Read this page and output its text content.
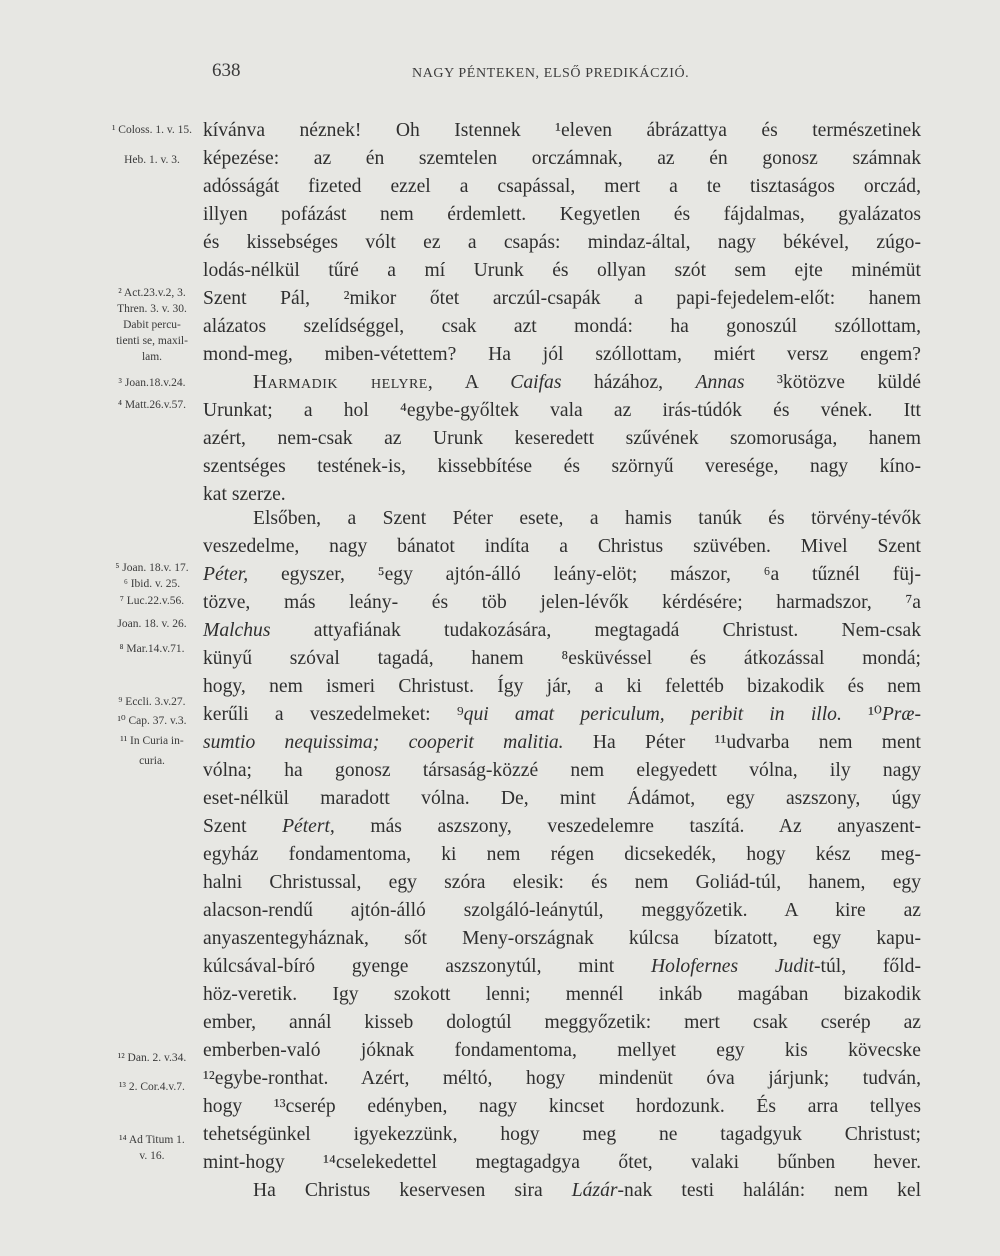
638	NAGY PÉNTEKEN, ELSŐ PREDIKÁCZIÓ.
¹ Coloss. 1. v. 15.
Heb. 1. v. 3.
² Act.23.v.2, 3.
Thren. 3. v. 30.
Dabit percu-
tienti se, maxil-
lam.
³ Joan.18.v.24.
⁴ Matt.26.v.57.
⁵ Joan. 18.v. 17.
⁶ Ibid. v. 25.
⁷ Luc.22.v.56.
Joan. 18. v. 26.
⁸ Mar.14.v.71.
⁹ Eccli. 3.v.27.
¹⁰ Cap. 37. v.3.
¹¹ In Curia in-
curia.
¹² Dan. 2. v.34.
¹³ 2. Cor.4.v.7.
¹⁴ Ad Titum 1.
v. 16.
kívánva néznek! Oh Istennek ¹eleven ábrázattya és természetinek
képezése: az én szemtelen orczámnak, az én gonosz számnak
adósságát fizeted ezzel a csapással, mert a te tisztaságos orczád,
illyen pofázást nem érdemlett. Kegyetlen és fájdalmas, gyalázatos
és kissebséges vólt ez a csapás: mindaz-által, nagy békével, zúgo-
lodás-nélkül tűré a mí Urunk és ollyan szót sem ejte minémüt
Szent Pál, ²mikor őtet arczúl-csapák a papi-fejedelem-előt: hanem
alázatos szelídséggel, csak azt mondá: ha gonoszúl szóllottam,
mond-meg, miben-vétettem? Ha jól szóllottam, miért versz engem?
Harmadik helyre, A Caifas házához, Annas ³kötözve küldé
Urunkat; a hol ⁴egybe-győltek vala az irás-túdók és vének. Itt
azért, nem-csak az Urunk keseredett szűvének szomorusága, hanem
szentséges testének-is, kissebbítése és szörnyű veresége, nagy kíno-
kat szerze.
Elsőben, a Szent Péter esete, a hamis tanúk és törvény-tévők
veszedelme, nagy bánatot indíta a Christus szüvében. Mivel Szent
Péter, egyszer, ⁵egy ajtón-álló leány-elöt; mászor, ⁶a tűznél füj-
tözve, más leány- és töb jelen-lévők kérdésére; harmadszor, ⁷a
Malchus attyafiának tudakozására, megtagadá Christust. Nem-csak
künyű szóval tagadá, hanem ⁸esküvéssel és átkozással mondá;
hogy, nem ismeri Christust. Így jár, a ki felettéb bizakodik és nem
kerűli a veszedelmeket: ⁹qui amat periculum, peribit in illo. ¹⁰Præ-
sumtio nequissima; cooperit malitia. Ha Péter ¹¹udvarba nem ment
vólna; ha gonosz társaság-közzé nem elegyedett vólna, ily nagy
eset-nélkül maradott vólna. De, mint Ádámot, egy aszszony, úgy
Szent Pétert, más aszszony, veszedelemre taszítá. Az anyaszent-
egyház fondamentoma, ki nem régen dicsekedék, hogy kész meg-
halni Christussal, egy szóra elesik: és nem Goliád-túl, hanem, egy
alacson-rendű ajtón-álló szolgáló-leánytúl, meggyőzetik. A kire az
anyaszentegyháznak, sőt Meny-országnak kúlcsa bízatott, egy kapu-
kúlcsával-bíró gyenge aszszonytúl, mint Holofernes Judit-túl, főld-
höz-veretik. Igy szokott lenni; mennél inkáb magában bizakodik
ember, annál kisseb dologtúl meggyőzetik: mert csak cserép az
emberben-való jóknak fondamentoma, mellyet egy kis kövecske
¹²egybe-ronthat. Azért, méltó, hogy mindenüt óva járjunk; tudván,
hogy ¹³cserép edényben, nagy kincset hordozunk. És arra tellyes
tehetségünkel igyekezzünk, hogy meg ne tagadgyuk Christust;
mint-hogy ¹⁴cselekedettel megtagadgya őtet, valaki bűnben hever.
Ha Christus keservesen sira Lázár-nak testi halálán: nem kel
